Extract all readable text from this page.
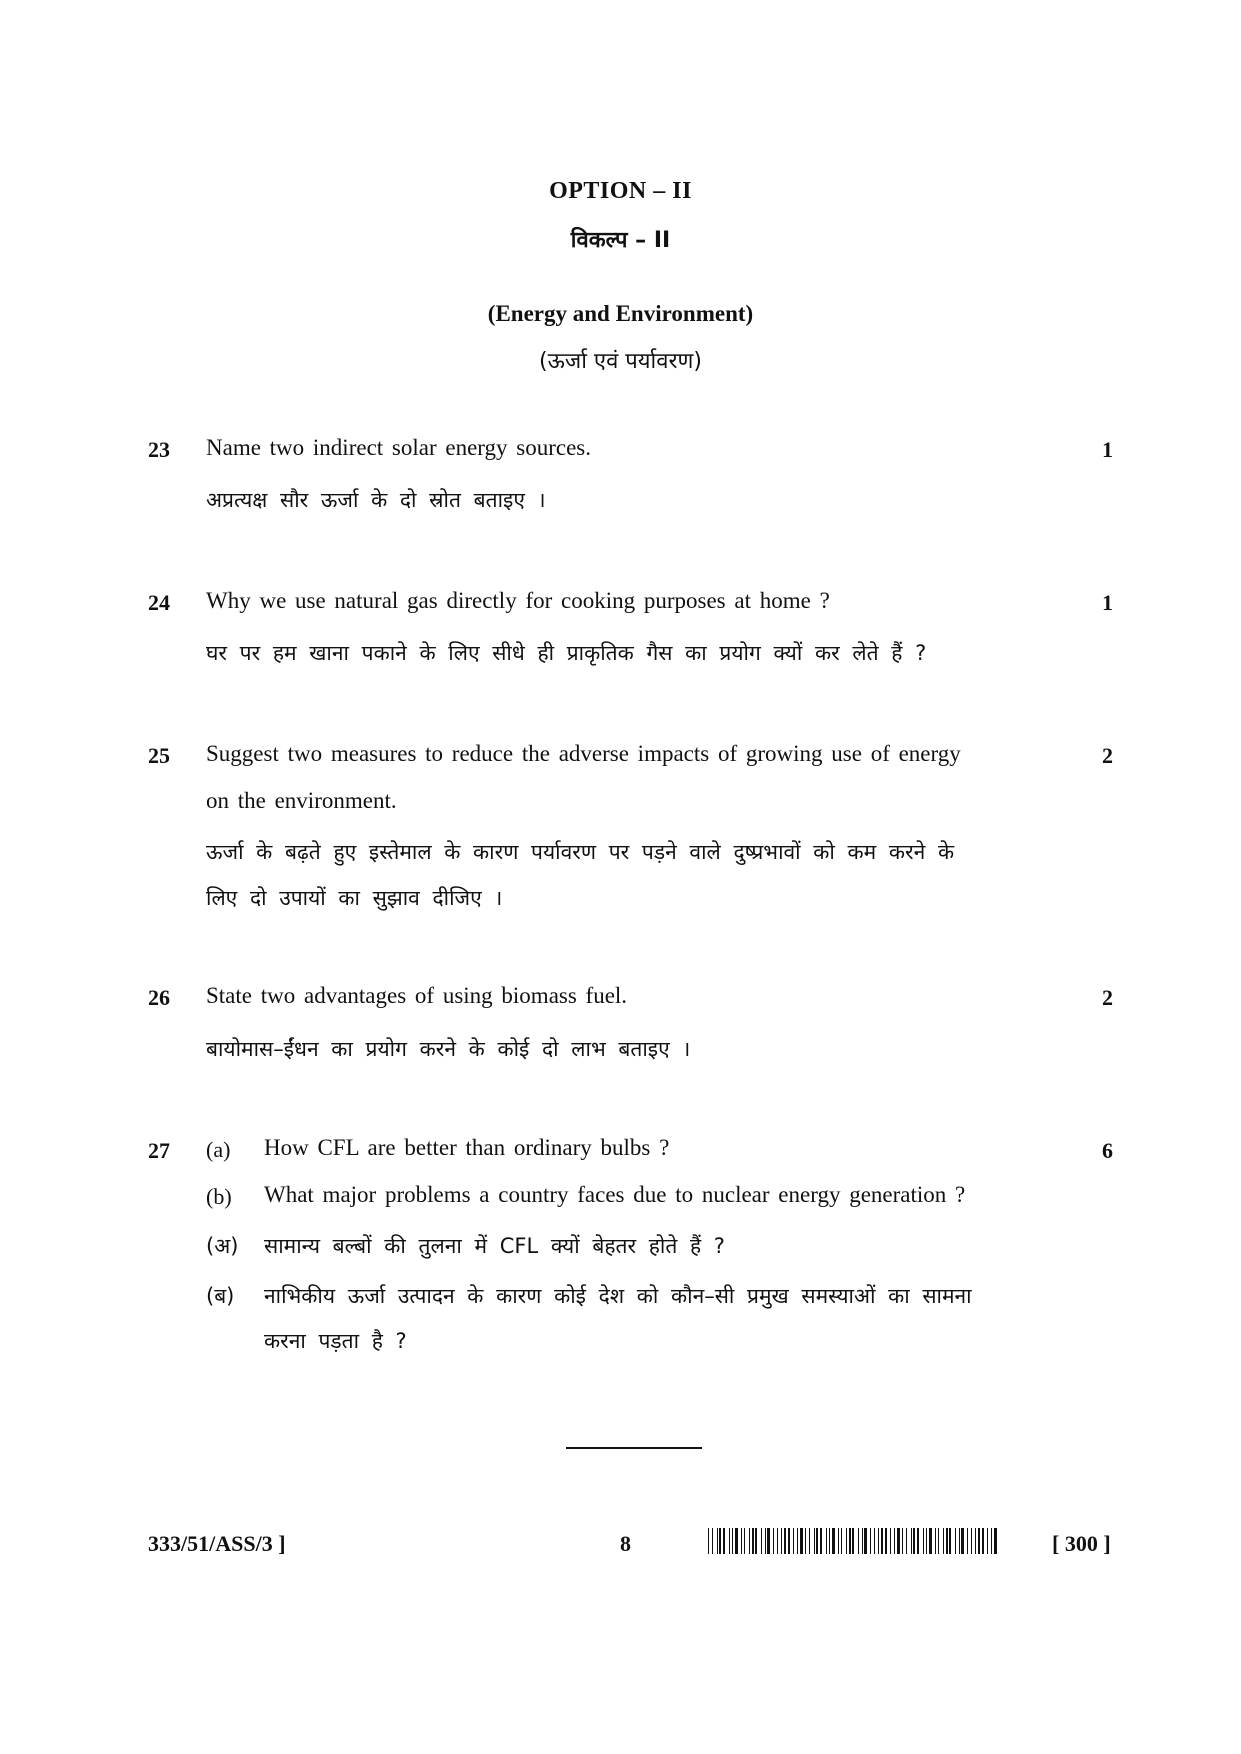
OPTION – II
विकल्प – II
(Energy and Environment)
(ऊर्जा एवं पर्यावरण)
23 Name two indirect solar energy sources.	1
अप्रत्यक्ष सौर ऊर्जा के दो स्रोत बताइए ।
24 Why we use natural gas directly for cooking purposes at home ?	1
घर पर हम खाना पकाने के लिए सीधे ही प्राकृतिक गैस का प्रयोग क्यों कर लेते हैं ?
25 Suggest two measures to reduce the adverse impacts of growing use of energy	2
on the environment.
ऊर्जा के बढ़ते हुए इस्तेमाल के कारण पर्यावरण पर पड़ने वाले दुष्प्रभावों को कम करने के
लिए दो उपायों का सुझाव दीजिए ।
26 State two advantages of using biomass fuel.	2
बायोमास–ईंधन का प्रयोग करने के कोई दो लाभ बताइए ।
27	6
(a) How CFL are better than ordinary bulbs ?
(b) What major problems a country faces due to nuclear energy generation ?
(अ) सामान्य बल्बों की तुलना में CFL क्यों बेहतर होते हैं ?
(ब) नाभिकीय ऊर्जा उत्पादन के कारण कोई देश को कौन–सी प्रमुख समस्याओं का सामना
करना पड़ता है ?
333/51/ASS/3 ]	8	[ 300 ]
